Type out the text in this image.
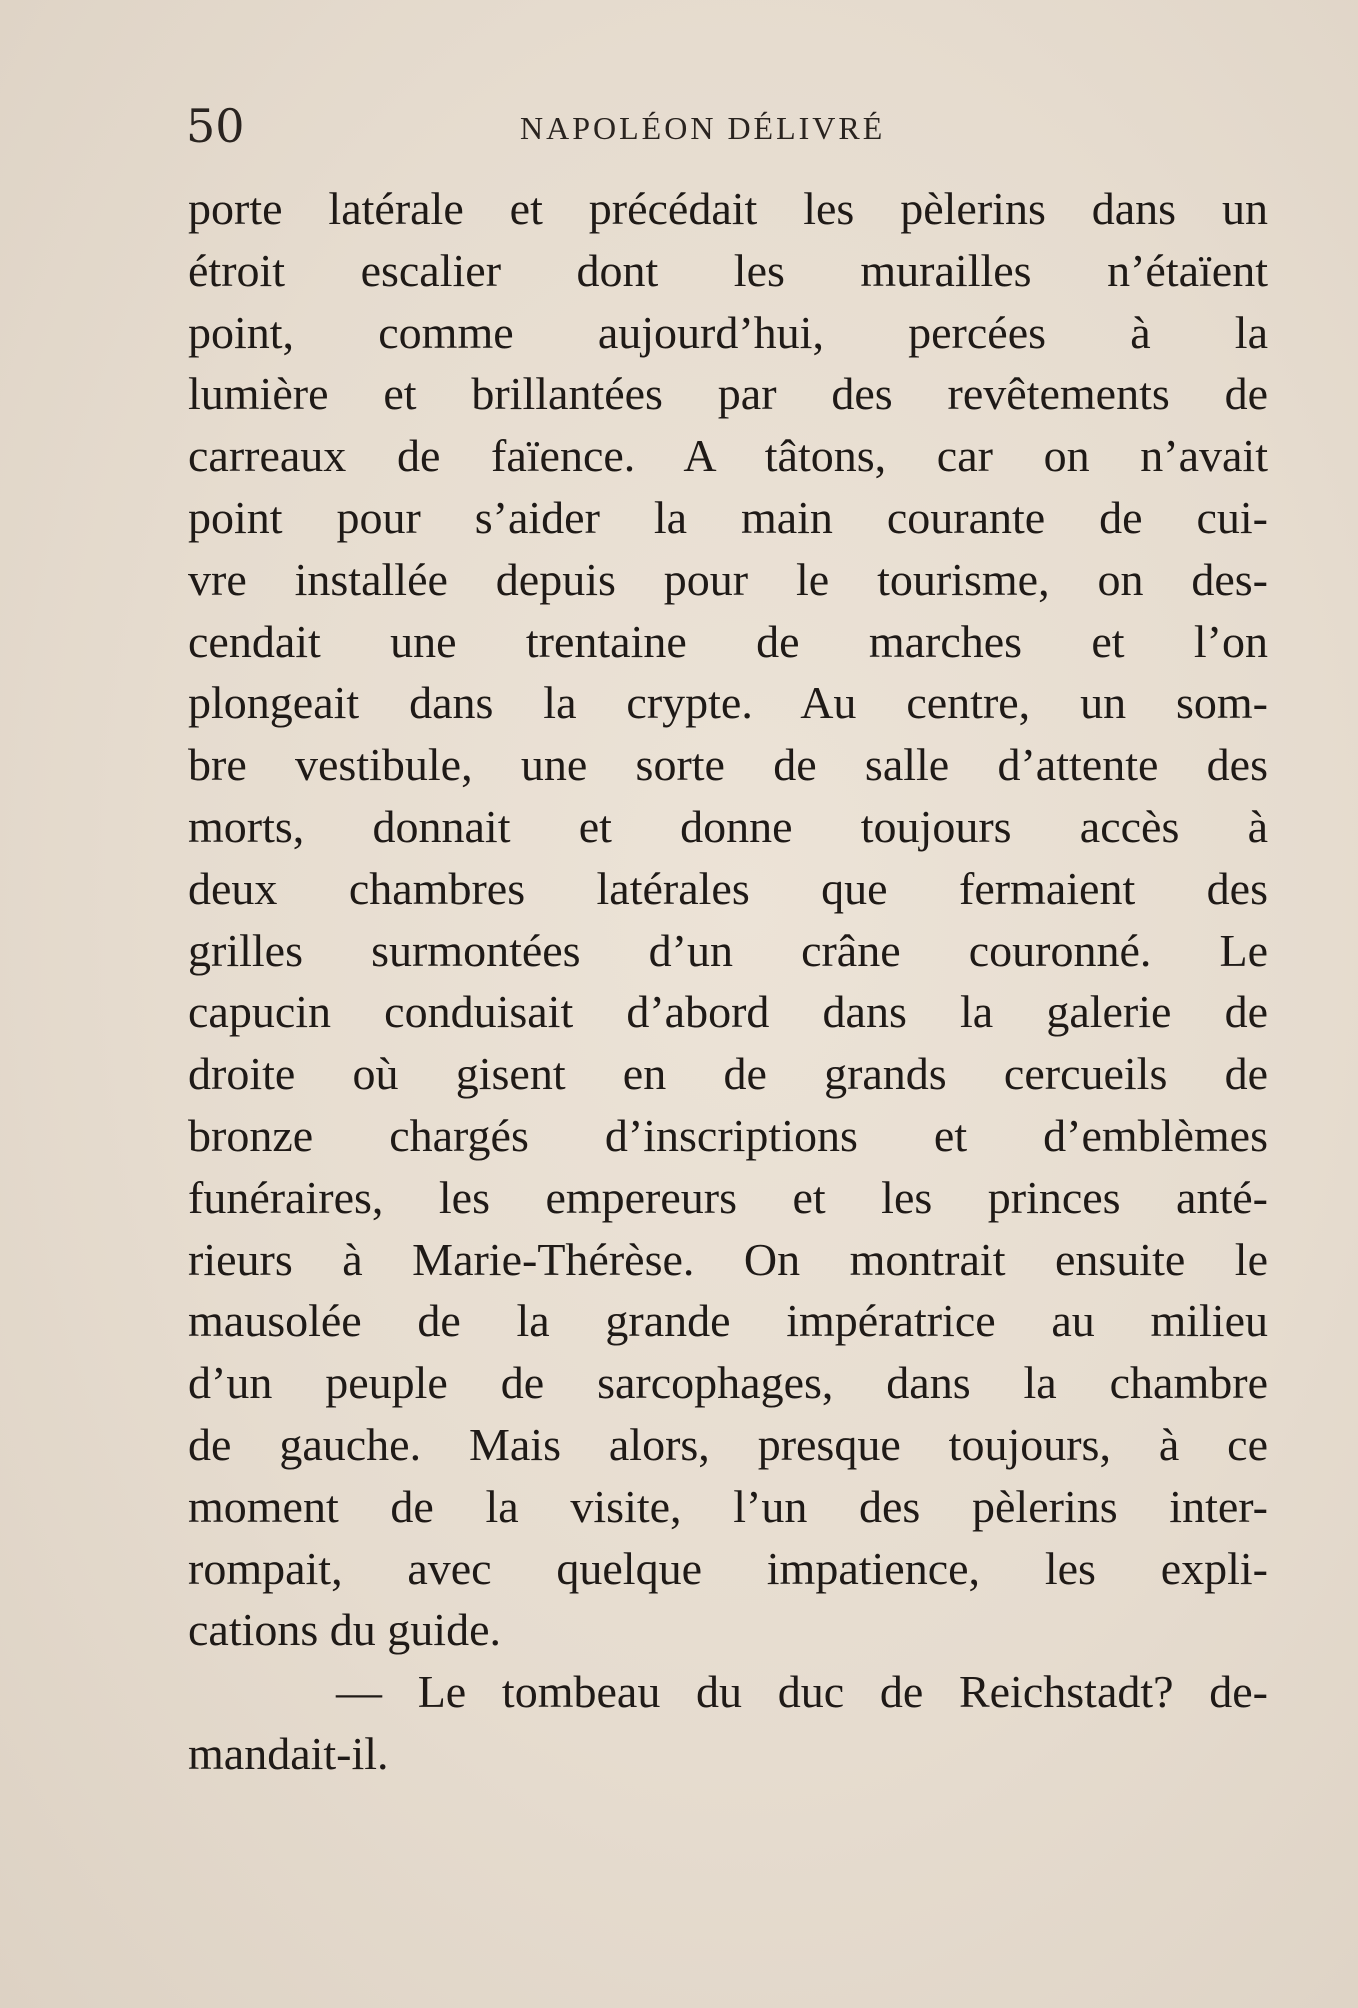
50	NAPOLÉON DÉLIVRÉ
porte latérale et précédait les pèlerins dans un
étroit escalier dont les murailles n’étaïent
point, comme aujourd’hui, percées à la
lumière et brillantées par des revêtements de
carreaux de faïence. A tâtons, car on n’avait
point pour s’aider la main courante de cui-
vre installée depuis pour le tourisme, on des-
cendait une trentaine de marches et l’on
plongeait dans la crypte. Au centre, un som-
bre vestibule, une sorte de salle d’attente des
morts, donnait et donne toujours accès à
deux chambres latérales que fermaient des
grilles surmontées d’un crâne couronné. Le
capucin conduisait d’abord dans la galerie de
droite où gisent en de grands cercueils de
bronze chargés d’inscriptions et d’emblèmes
funéraires, les empereurs et les princes anté-
rieurs à Marie-Thérèse. On montrait ensuite le
mausolée de la grande impératrice au milieu
d’un peuple de sarcophages, dans la chambre
de gauche. Mais alors, presque toujours, à ce
moment de la visite, l’un des pèlerins inter-
rompait, avec quelque impatience, les expli-
cations du guide.
— Le tombeau du duc de Reichstadt? de-
mandait-il.
